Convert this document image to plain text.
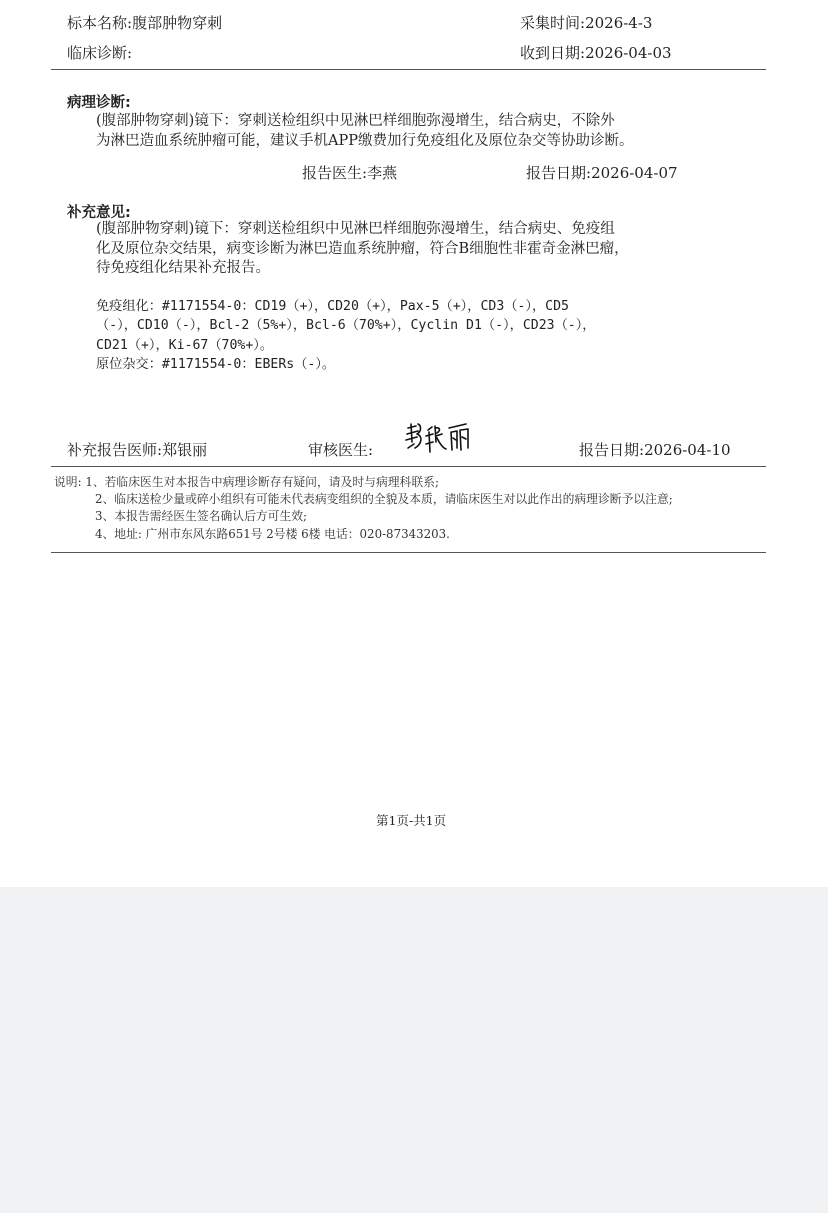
标本名称:腹部肿物穿刺	采集时间:2026-4-3
临床诊断:	收到日期:2026-04-03
病理诊断:
(腹部肿物穿刺)镜下：穿刺送检组织中见淋巴样细胞弥漫增生，结合病史，不除外
为淋巴造血系统肿瘤可能，建议手机APP缴费加行免疫组化及原位杂交等协助诊断。
报告医生:李燕	报告日期:2026-04-07
补充意见:
(腹部肿物穿刺)镜下：穿刺送检组织中见淋巴样细胞弥漫增生，结合病史、免疫组
化及原位杂交结果，病变诊断为淋巴造血系统肿瘤，符合B细胞性非霍奇金淋巴瘤，
待免疫组化结果补充报告。
免疫组化：#1171554-0：CD19（+），CD20（+），Pax-5（+），CD3（-），CD5
（-），CD10（-），Bcl-2（5%+），Bcl-6（70%+），Cyclin D1（-），CD23（-），
CD21（+），Ki-67（70%+）。
原位杂交：#1171554-0：EBERs（-）。
补充报告医师:郑银丽	审核医生:	报告日期:2026-04-10
说明: 1、若临床医生对本报告中病理诊断存有疑问，请及时与病理科联系;
2、临床送检少量或碎小组织有可能未代表病变组织的全貌及本质，请临床医生对以此作出的病理诊断予以注意;
3、本报告需经医生签名确认后方可生效;
4、地址: 广州市东风东路651号 2号楼 6楼 电话：020-87343203.
第1页-共1页
